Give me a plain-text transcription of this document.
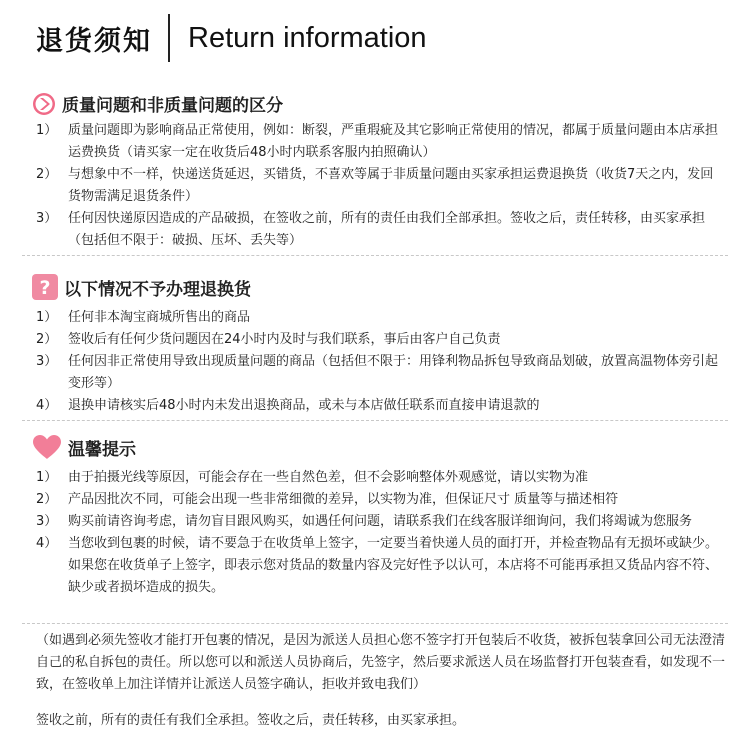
退货须知 Return information
质量问题和非质量问题的区分
1） 质量问题即为影响商品正常使用，例如：断裂，严重瑕疵及其它影响正常使用的情况，都属于质量问题由本店承担运费换货（请买家一定在收货后48小时内联系客服内拍照确认）
2） 与想象中不一样，快递送货延迟，买错货，不喜欢等属于非质量问题由买家承担运费退换货（收货7天之内，发回货物需满足退货条件）
3） 任何因快递原因造成的产品破损，在签收之前，所有的责任由我们全部承担。签收之后，责任转移，由买家承担（包括但不限于：破损、压坏、丢失等）
? 以下情况不予办理退换货
1） 任何非本淘宝商城所售出的商品
2） 签收后有任何少货问题因在24小时内及时与我们联系，事后由客户自己负责
3） 任何因非正常使用导致出现质量问题的商品（包括但不限于：用锋利物品拆包导致商品划破，放置高温物体旁引起变形等）
4） 退换申请核实后48小时内未发出退换商品，或未与本店做任联系而直接申请退款的
温馨提示
1） 由于拍摄光线等原因，可能会存在一些自然色差，但不会影响整体外观感觉，请以实物为准
2） 产品因批次不同，可能会出现一些非常细微的差异，以实物为准，但保证尺寸 质量等与描述相符
3） 购买前请咨询考虑，请勿盲目跟风购买，如遇任何问题，请联系我们在线客服详细询问，我们将竭诚为您服务
4） 当您收到包裹的时候，请不要急于在收货单上签字，一定要当着快递人员的面打开，并检查物品有无损坏或缺少。如果您在收货单子上签字，即表示您对货品的数量内容及完好性予以认可，本店将不可能再承担又货品内容不符、缺少或者损坏造成的损失。

（如遇到必须先签收才能打开包裹的情况，是因为派送人员担心您不签字打开包装后不收货，被拆包装拿回公司无法澄清自己的私自拆包的责任。所以您可以和派送人员协商后，先签字，然后要求派送人员在场监督打开包装查看，如发现不一致，在签收单上加注详情并让派送人员签字确认，拒收并致电我们）

签收之前，所有的责任有我们全承担。签收之后，责任转移，由买家承担。
